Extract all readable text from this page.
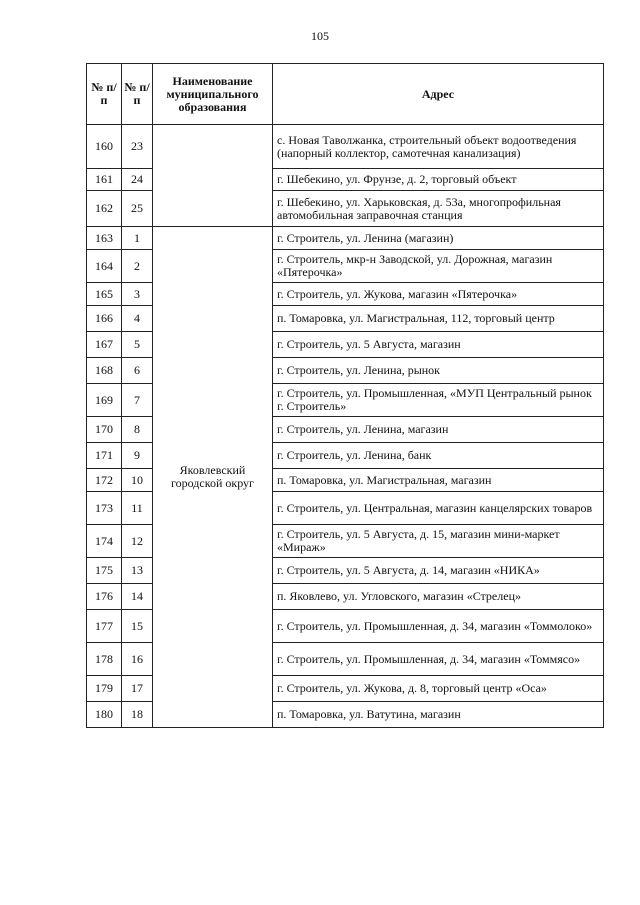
105
№ п/п	№ п/п	Наименование муниципального образования	Адрес
160	23		с. Новая Таволжанка, строительный объект водоотведения (напорный коллектор, самотечная канализация)
161	24		г. Шебекино, ул. Фрунзе, д. 2, торговый объект
162	25		г. Шебекино, ул. Харьковская, д. 53а, многопрофильная автомобильная заправочная станция
163	1	Яковлевский городской округ	г. Строитель, ул. Ленина (магазин)
164	2		г. Строитель, мкр-н Заводской, ул. Дорожная, магазин «Пятерочка»
165	3		г. Строитель, ул. Жукова, магазин «Пятерочка»
166	4		п. Томаровка, ул. Магистральная, 112, торговый центр
167	5		г. Строитель, ул. 5 Августа, магазин
168	6		г. Строитель, ул. Ленина, рынок
169	7		г. Строитель, ул. Промышленная, «МУП Центральный рынок г. Строитель»
170	8		г. Строитель, ул. Ленина, магазин
171	9		г. Строитель, ул. Ленина, банк
172	10		п. Томаровка, ул. Магистральная, магазин
173	11		г. Строитель, ул. Центральная, магазин канцелярских товаров
174	12		г. Строитель, ул. 5 Августа, д. 15, магазин мини-маркет «Мираж»
175	13		г. Строитель, ул. 5 Августа, д. 14, магазин «НИКА»
176	14		п. Яковлево, ул. Угловского, магазин «Стрелец»
177	15		г. Строитель, ул. Промышленная, д. 34, магазин «Томмолоко»
178	16		г. Строитель, ул. Промышленная, д. 34, магазин «Томмясо»
179	17		г. Строитель, ул. Жукова, д. 8, торговый центр «Оса»
180	18		п. Томаровка, ул. Ватутина, магазин
